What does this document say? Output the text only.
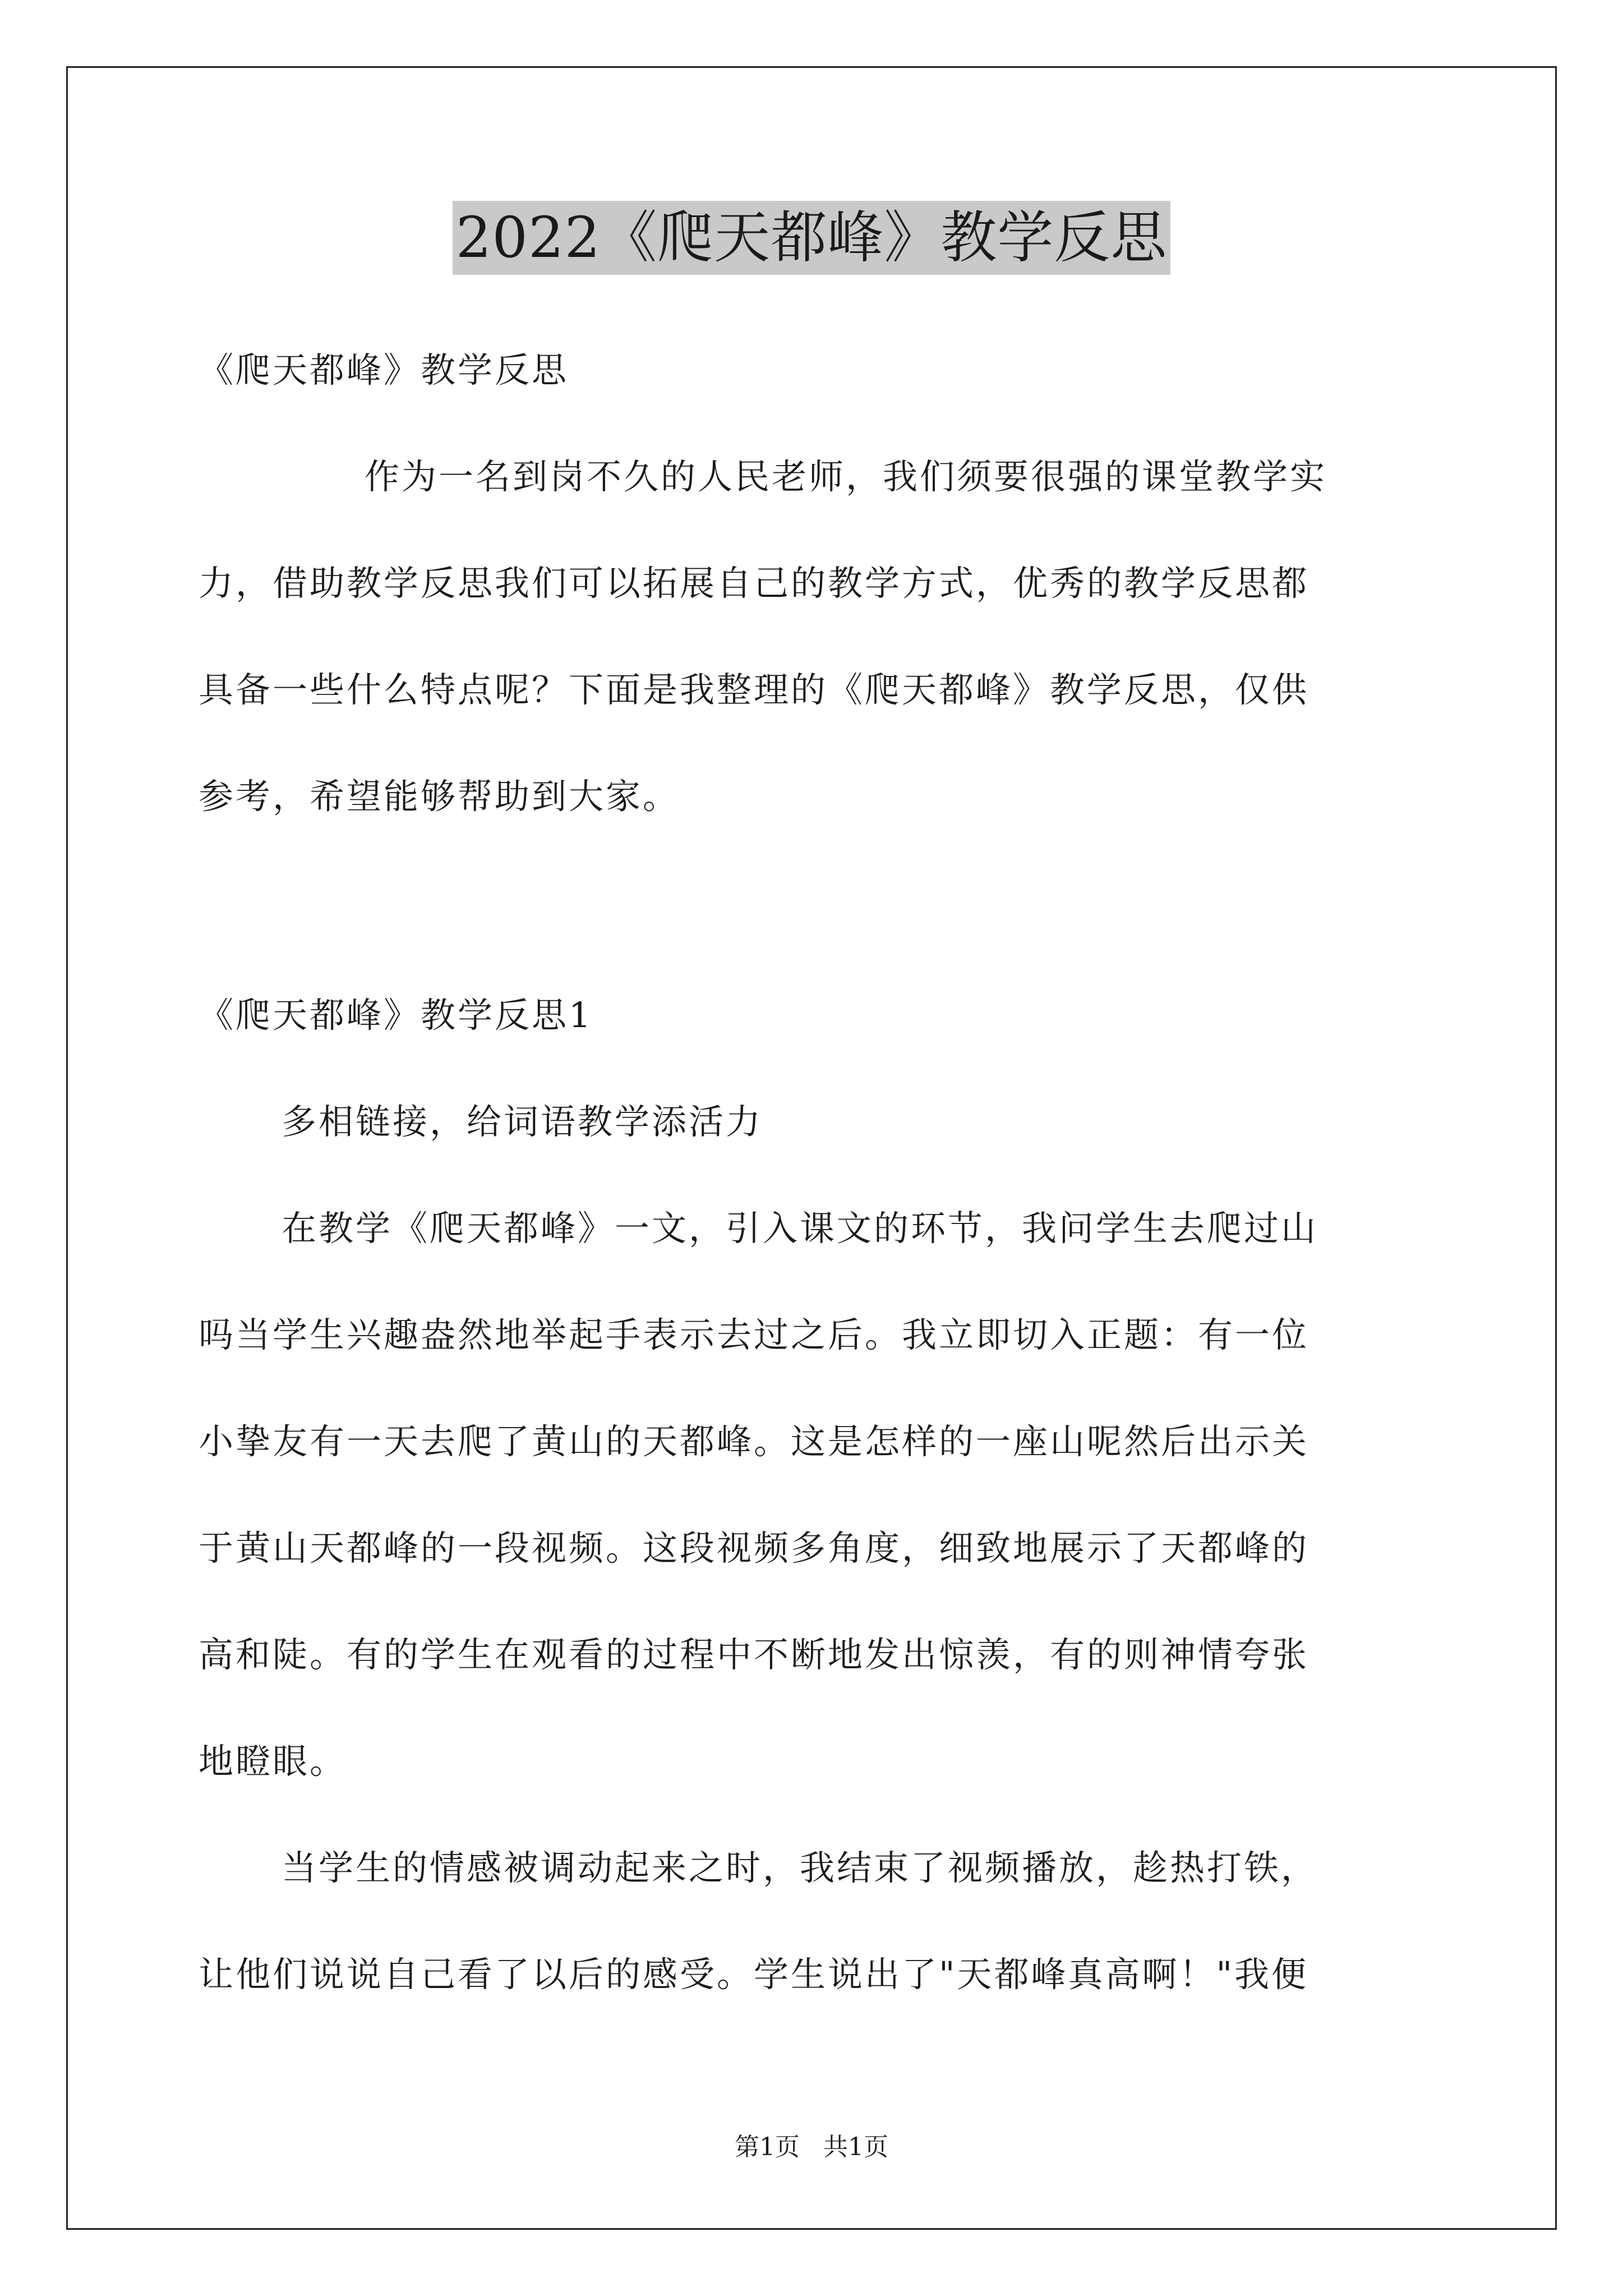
2022《爬天都峰》教学反思
《爬天都峰》教学反思
作为一名到岗不久的人民老师，我们须要很强的课堂教学实
力，借助教学反思我们可以拓展自己的教学方式，优秀的教学反思都
具备一些什么特点呢？下面是我整理的《爬天都峰》教学反思，仅供
参考，希望能够帮助到大家。
《爬天都峰》教学反思1
多相链接，给词语教学添活力
在教学《爬天都峰》一文，引入课文的环节，我问学生去爬过山
吗当学生兴趣盎然地举起手表示去过之后。我立即切入正题：有一位
小挚友有一天去爬了黄山的天都峰。这是怎样的一座山呢然后出示关
于黄山天都峰的一段视频。这段视频多角度，细致地展示了天都峰的
高和陡。有的学生在观看的过程中不断地发出惊羡，有的则神情夸张
地瞪眼。
当学生的情感被调动起来之时，我结束了视频播放，趁热打铁，
让他们说说自己看了以后的感受。学生说出了"天都峰真高啊！"我便
第1页 共1页
